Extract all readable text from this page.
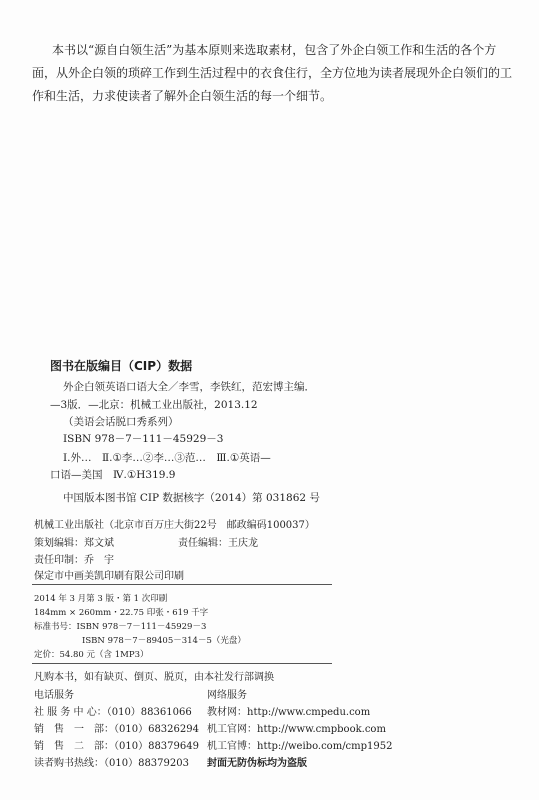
本书以“源自白领生活”为基本原则来选取素材，包含了外企白领工作和生活的各个方

面，从外企白领的琐碎工作到生活过程中的衣食住行，全方位地为读者展现外企白领们的工

作和生活，力求使读者了解外企白领生活的每一个细节。

图书在版编目（CIP）数据
外企白领英语口语大全／李雪，李铁红，范宏博主编．
—3版．—北京：机械工业出版社，2013.12
（美语会话脱口秀系列）
ISBN 978－7－111－45929－3
Ⅰ.外…　Ⅱ.①李…②李…③范…　Ⅲ.①英语—
口语—美国　Ⅳ.①H319.9
中国版本图书馆 CIP 数据核字（2014）第 031862 号
机械工业出版社（北京市百万庄大街22号　邮政编码100037）
策划编辑：郑文斌	责任编辑：王庆龙
责任印制：乔　宇
保定市中画美凯印刷有限公司印刷
2014 年 3 月第 3 版・第 1 次印刷
184mm × 260mm・22.75 印张・619 千字
标准书号：ISBN 978－7－111－45929－3
ISBN 978－7－89405－314－5（光盘）
定价：54.80 元（含 1MP3）
凡购本书，如有缺页、倒页、脱页，由本社发行部调换
电话服务	网络服务
社 服 务 中 心：（010）88361066
销　售　一　部：（010）68326294
销　售　二　部：（010）88379649
读者购书热线：（010）88379203
教材网：http://www.cmpedu.com
机工官网：http://www.cmpbook.com
机工官博：http://weibo.com/cmp1952
封面无防伪标均为盗版
